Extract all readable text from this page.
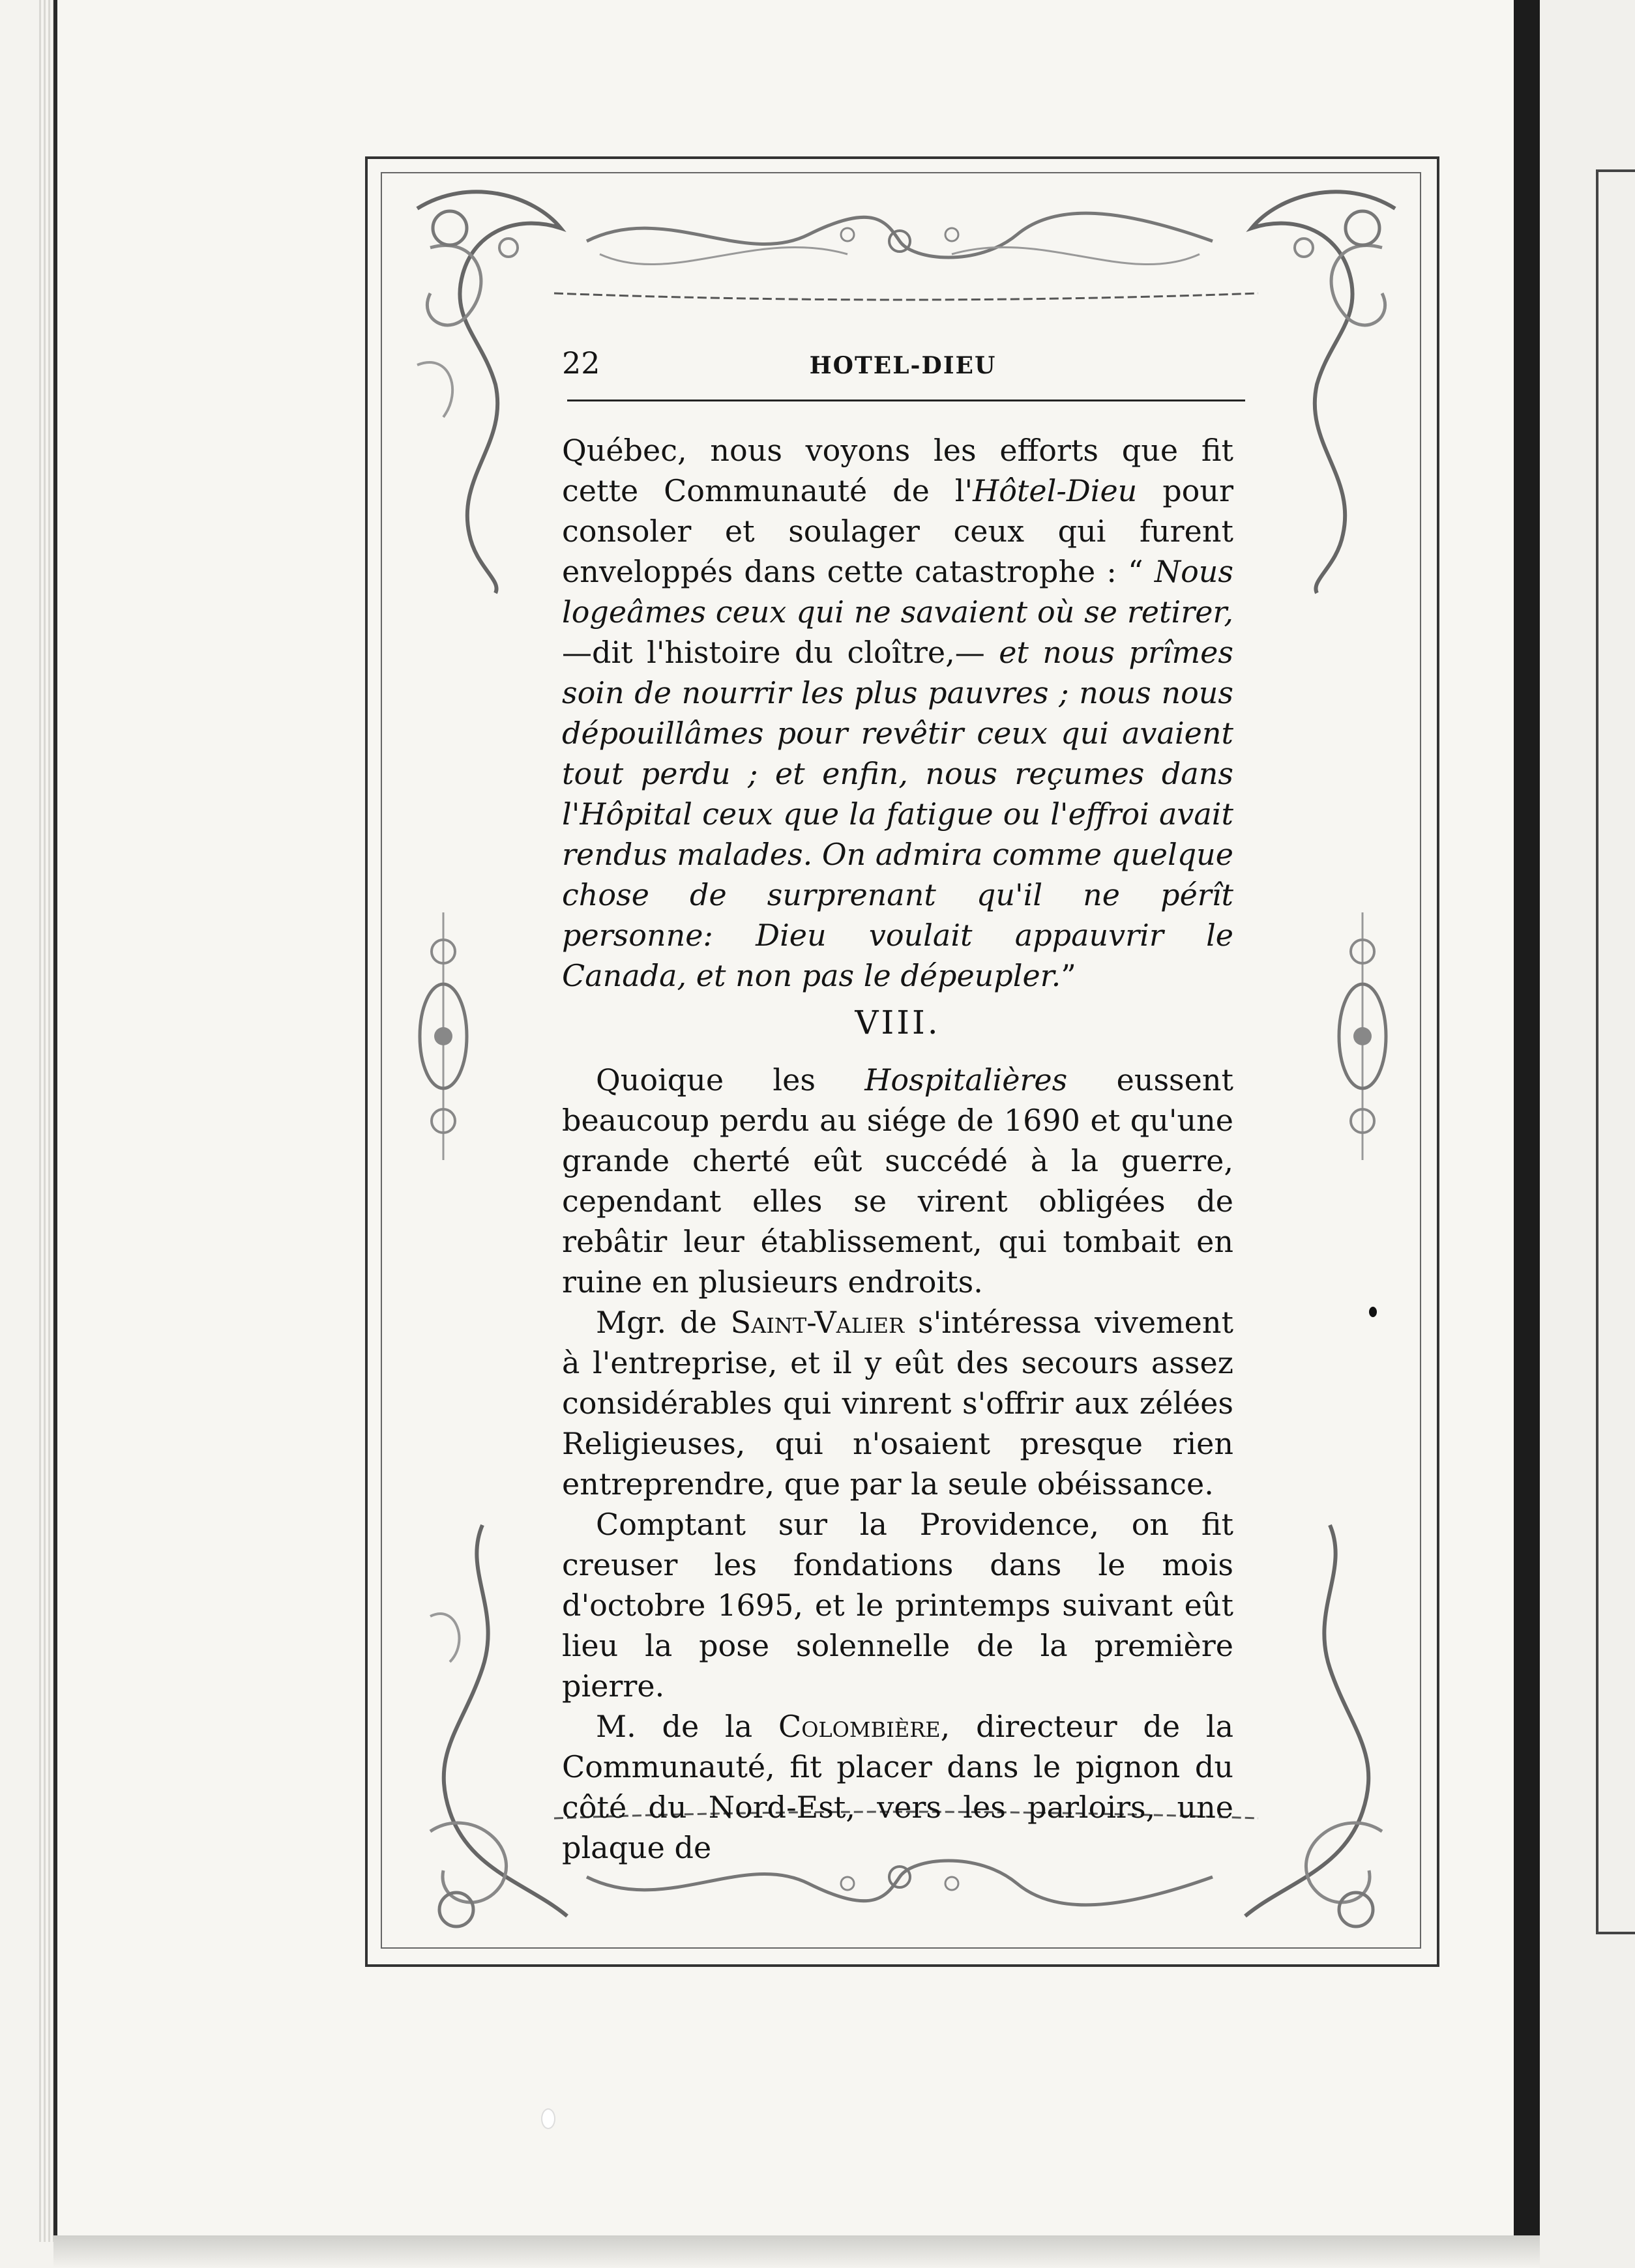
22	HOTEL-DIEU

Québec, nous voyons les efforts que fit cette Communauté de l'Hôtel-Dieu pour consoler et soulager ceux qui furent enveloppés dans cette catastrophe : “ Nous logeâmes ceux qui ne savaient où se retirer,—dit l'histoire du cloître,— et nous prîmes soin de nourrir les plus pauvres ; nous nous dépouillâmes pour revêtir ceux qui avaient tout perdu ; et enfin, nous reçumes dans l'Hôpital ceux que la fatigue ou l'effroi avait rendus malades. On admira comme quelque chose de surprenant qu'il ne pérît personne: Dieu voulait appauvrir le Canada, et non pas le dépeupler.”

VIII.

Quoique les Hospitalières eussent beaucoup perdu au siége de 1690 et qu'une grande cherté eût succédé à la guerre, cependant elles se virent obligées de rebâtir leur établissement, qui tombait en ruine en plusieurs endroits.

Mgr. de Saint-Valier s'intéressa vivement à l'entreprise, et il y eût des secours assez considérables qui vinrent s'offrir aux zélées Religieuses, qui n'osaient presque rien entreprendre, que par la seule obéissance.

Comptant sur la Providence, on fit creuser les fondations dans le mois d'octobre 1695, et le printemps suivant eût lieu la pose solennelle de la première pierre.

M. de la Colombière, directeur de la Communauté, fit placer dans le pignon du côté du Nord-Est, vers les parloirs, une plaque de
